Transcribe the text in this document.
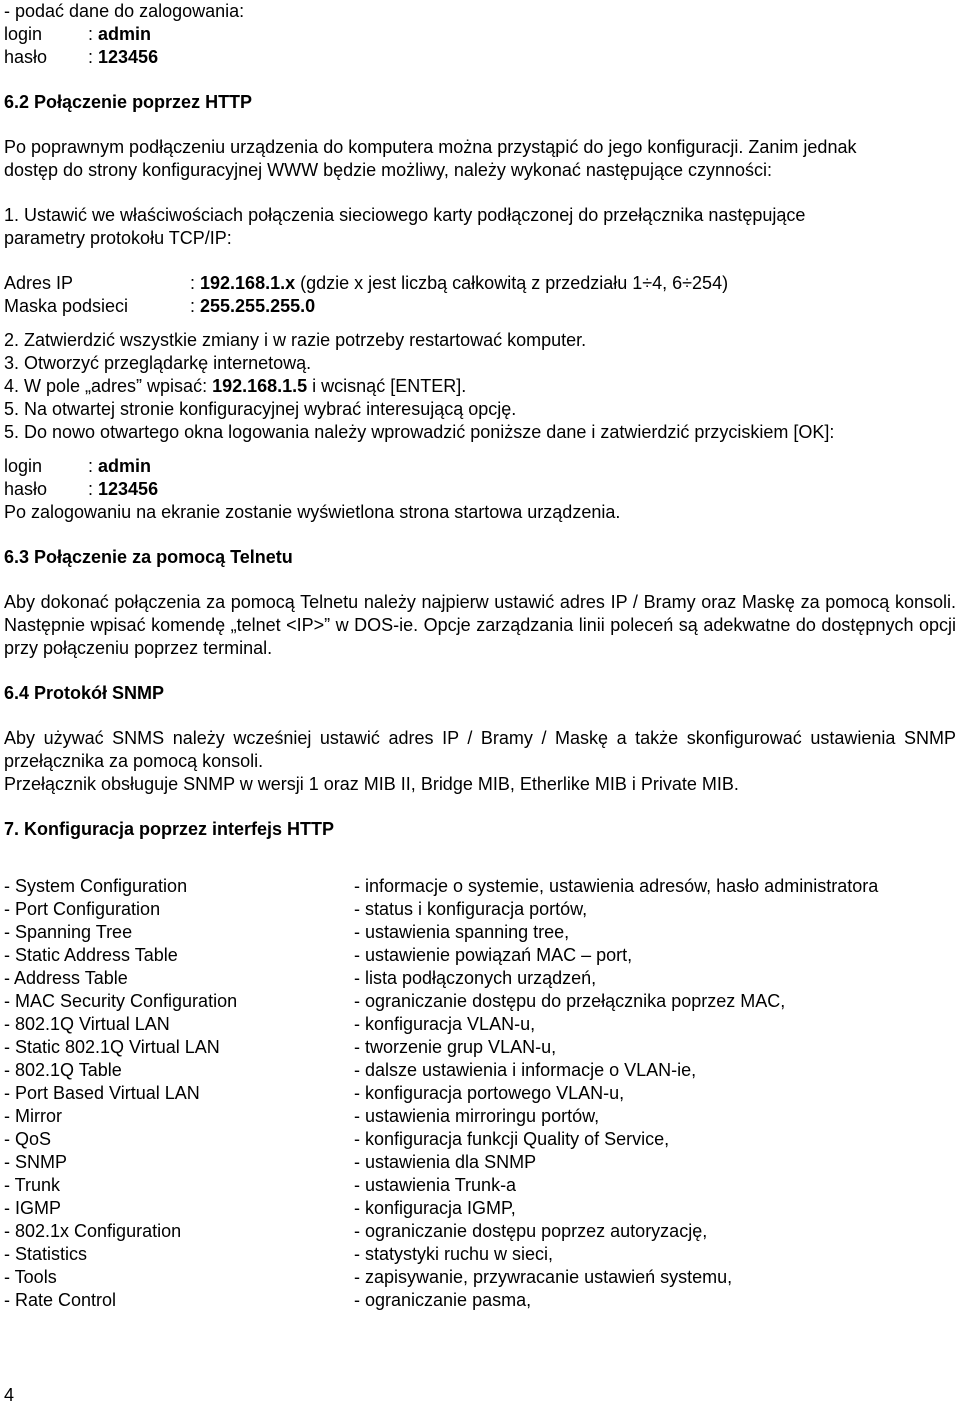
- podać dane do zalogowania:
login	: admin
hasło : 123456
6.2 Połączenie poprzez HTTP
Po poprawnym podłączeniu urządzenia do komputera można przystąpić do jego konfiguracji. Zanim jednak
dostęp do strony konfiguracyjnej WWW będzie możliwy, należy wykonać następujące czynności:
1. Ustawić we właściwościach połączenia sieciowego karty podłączonej do przełącznika następujące
parametry protokołu TCP/IP:
Adres IP	: 192.168.1.x (gdzie x jest liczbą całkowitą z przedziału 1÷4, 6÷254)
Maska podsieci	: 255.255.255.0
2. Zatwierdzić wszystkie zmiany i w razie potrzeby restartować komputer.
3. Otworzyć przeglądarkę internetową.
4. W pole „adres” wpisać: 192.168.1.5 i wcisnąć [ENTER].
5. Na otwartej stronie konfiguracyjnej wybrać interesującą opcję.
5. Do nowo otwartego okna logowania należy wprowadzić poniższe dane i zatwierdzić przyciskiem [OK]:
login	: admin
hasło : 123456
Po zalogowaniu na ekranie zostanie wyświetlona strona startowa urządzenia.
6.3 Połączenie za pomocą Telnetu
Aby dokonać połączenia za pomocą Telnetu należy najpierw ustawić adres IP / Bramy oraz Maskę za pomocą konsoli. Następnie wpisać komendę „telnet <IP>” w DOS-ie. Opcje zarządzania linii poleceń są adekwatne do dostępnych opcji przy połączeniu poprzez terminal.
6.4 Protokół SNMP
Aby używać SNMS należy wcześniej ustawić adres IP / Bramy / Maskę a także skonfigurować ustawienia SNMP przełącznika za pomocą konsoli.
Przełącznik obsługuje SNMP w wersji 1 oraz MIB II, Bridge MIB, Etherlike MIB i Private MIB.
7. Konfiguracja poprzez interfejs HTTP
- System Configuration	- informacje o systemie, ustawienia adresów, hasło administratora
- Port Configuration	- status i konfiguracja portów,
- Spanning Tree	- ustawienia spanning tree,
- Static Address Table	- ustawienie powiązań MAC – port,
- Address Table	- lista podłączonych urządzeń,
- MAC Security Configuration	- ograniczanie dostępu do przełącznika poprzez MAC,
- 802.1Q Virtual LAN	- konfiguracja VLAN-u,
- Static 802.1Q Virtual LAN	- tworzenie grup VLAN-u,
- 802.1Q Table	- dalsze ustawienia i informacje o VLAN-ie,
- Port Based Virtual LAN	- konfiguracja portowego VLAN-u,
- Mirror	- ustawienia mirroringu portów,
- QoS	- konfiguracja funkcji Quality of Service,
- SNMP	- ustawienia dla SNMP
- Trunk	- ustawienia Trunk-a
- IGMP	- konfiguracja IGMP,
- 802.1x Configuration	- ograniczanie dostępu poprzez autoryzację,
- Statistics	- statystyki ruchu w sieci,
- Tools	- zapisywanie, przywracanie ustawień systemu,
- Rate Control	- ograniczanie pasma,
4
